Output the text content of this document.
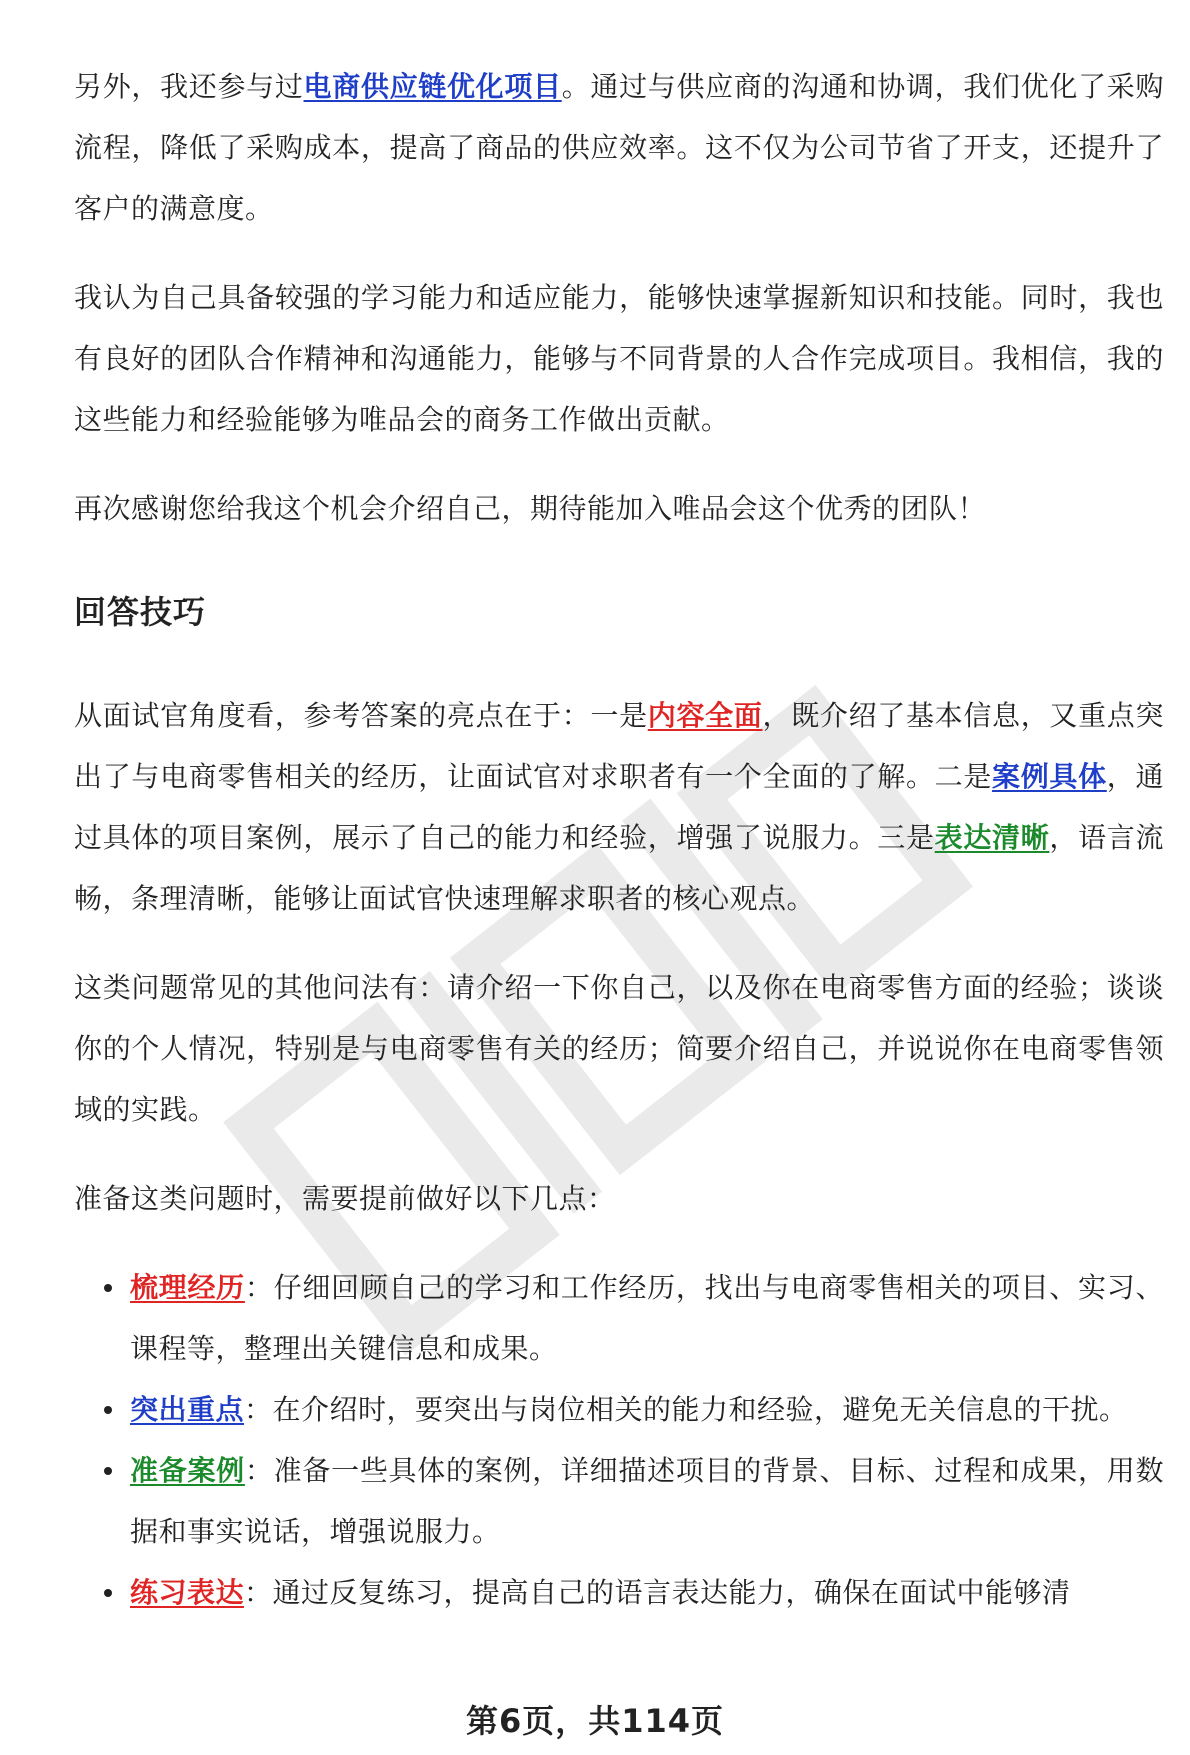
另外，我还参与过电商供应链优化项目。通过与供应商的沟通和协调，我们优化了采购流程，降低了采购成本，提高了商品的供应效率。这不仅为公司节省了开支，还提升了客户的满意度。

我认为自己具备较强的学习能力和适应能力，能够快速掌握新知识和技能。同时，我也有良好的团队合作精神和沟通能力，能够与不同背景的人合作完成项目。我相信，我的这些能力和经验能够为唯品会的商务工作做出贡献。

再次感谢您给我这个机会介绍自己，期待能加入唯品会这个优秀的团队！

回答技巧

从面试官角度看，参考答案的亮点在于：一是内容全面，既介绍了基本信息，又重点突出了与电商零售相关的经历，让面试官对求职者有一个全面的了解。二是案例具体，通过具体的项目案例，展示了自己的能力和经验，增强了说服力。三是表达清晰，语言流畅，条理清晰，能够让面试官快速理解求职者的核心观点。

这类问题常见的其他问法有：请介绍一下你自己，以及你在电商零售方面的经验；谈谈你的个人情况，特别是与电商零售有关的经历；简要介绍自己，并说说你在电商零售领域的实践。

准备这类问题时，需要提前做好以下几点：

梳理经历：仔细回顾自己的学习和工作经历，找出与电商零售相关的项目、实习、课程等，整理出关键信息和成果。
突出重点：在介绍时，要突出与岗位相关的能力和经验，避免无关信息的干扰。
准备案例：准备一些具体的案例，详细描述项目的背景、目标、过程和成果，用数据和事实说话，增强说服力。
练习表达：通过反复练习，提高自己的语言表达能力，确保在面试中能够清
第6页，共114页
